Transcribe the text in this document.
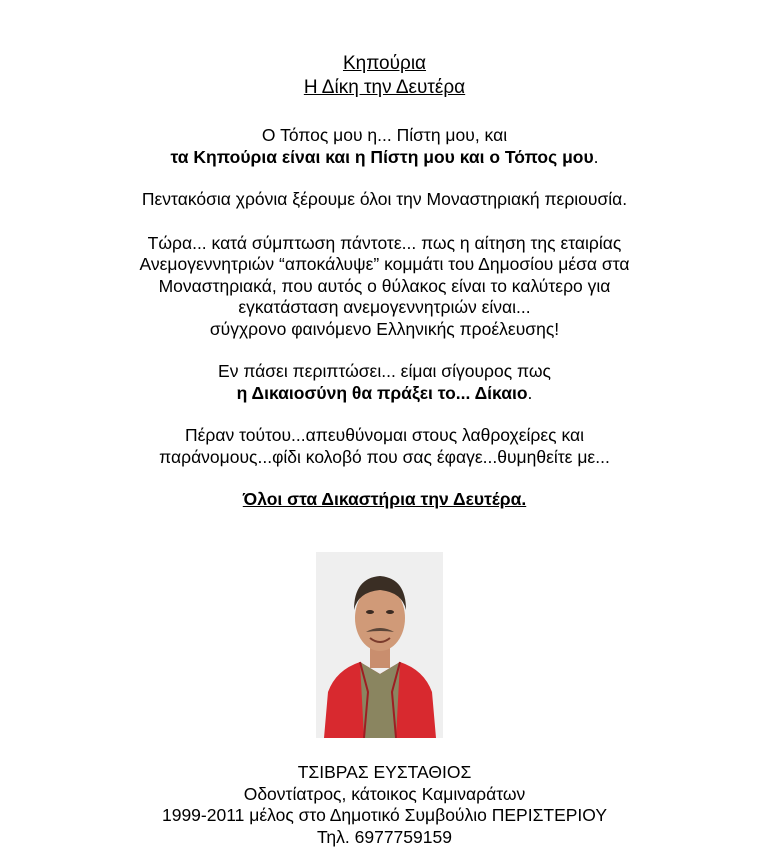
Κηπούρια
Η Δίκη την Δευτέρα
Ο Τόπος μου η... Πίστη μου, και
τα Κηπούρια είναι και η Πίστη μου και ο Τόπος μου.
Πεντακόσια χρόνια ξέρουμε όλοι την Μοναστηριακή περιουσία.
Τώρα... κατά σύμπτωση πάντοτε... πως η αίτηση της εταιρίας
Ανεμογεννητριών “αποκάλυψε” κομμάτι του Δημοσίου μέσα στα
Μοναστηριακά, που αυτός ο θύλακος είναι το καλύτερο για
εγκατάσταση ανεμογεννητριών είναι...
σύγχρονο φαινόμενο Ελληνικής προέλευσης!
Εν πάσει περιπτώσει... είμαι σίγουρος πως
η Δικαιοσύνη θα πράξει το... Δίκαιο.
Πέραν τούτου...απευθύνομαι στους λαθροχείρες και
παράνομους...φίδι κολοβό που σας έφαγε...θυμηθείτε με...
Όλοι στα Δικαστήρια την Δευτέρα.
ΤΣΙΒΡΑΣ ΕΥΣΤΑΘΙΟΣ
Οδοντίατρος, κάτοικος Καμιναράτων
1999-2011 μέλος στο Δημοτικό Συμβούλιο ΠΕΡΙΣΤΕΡΙΟΥ
Τηλ. 6977759159
